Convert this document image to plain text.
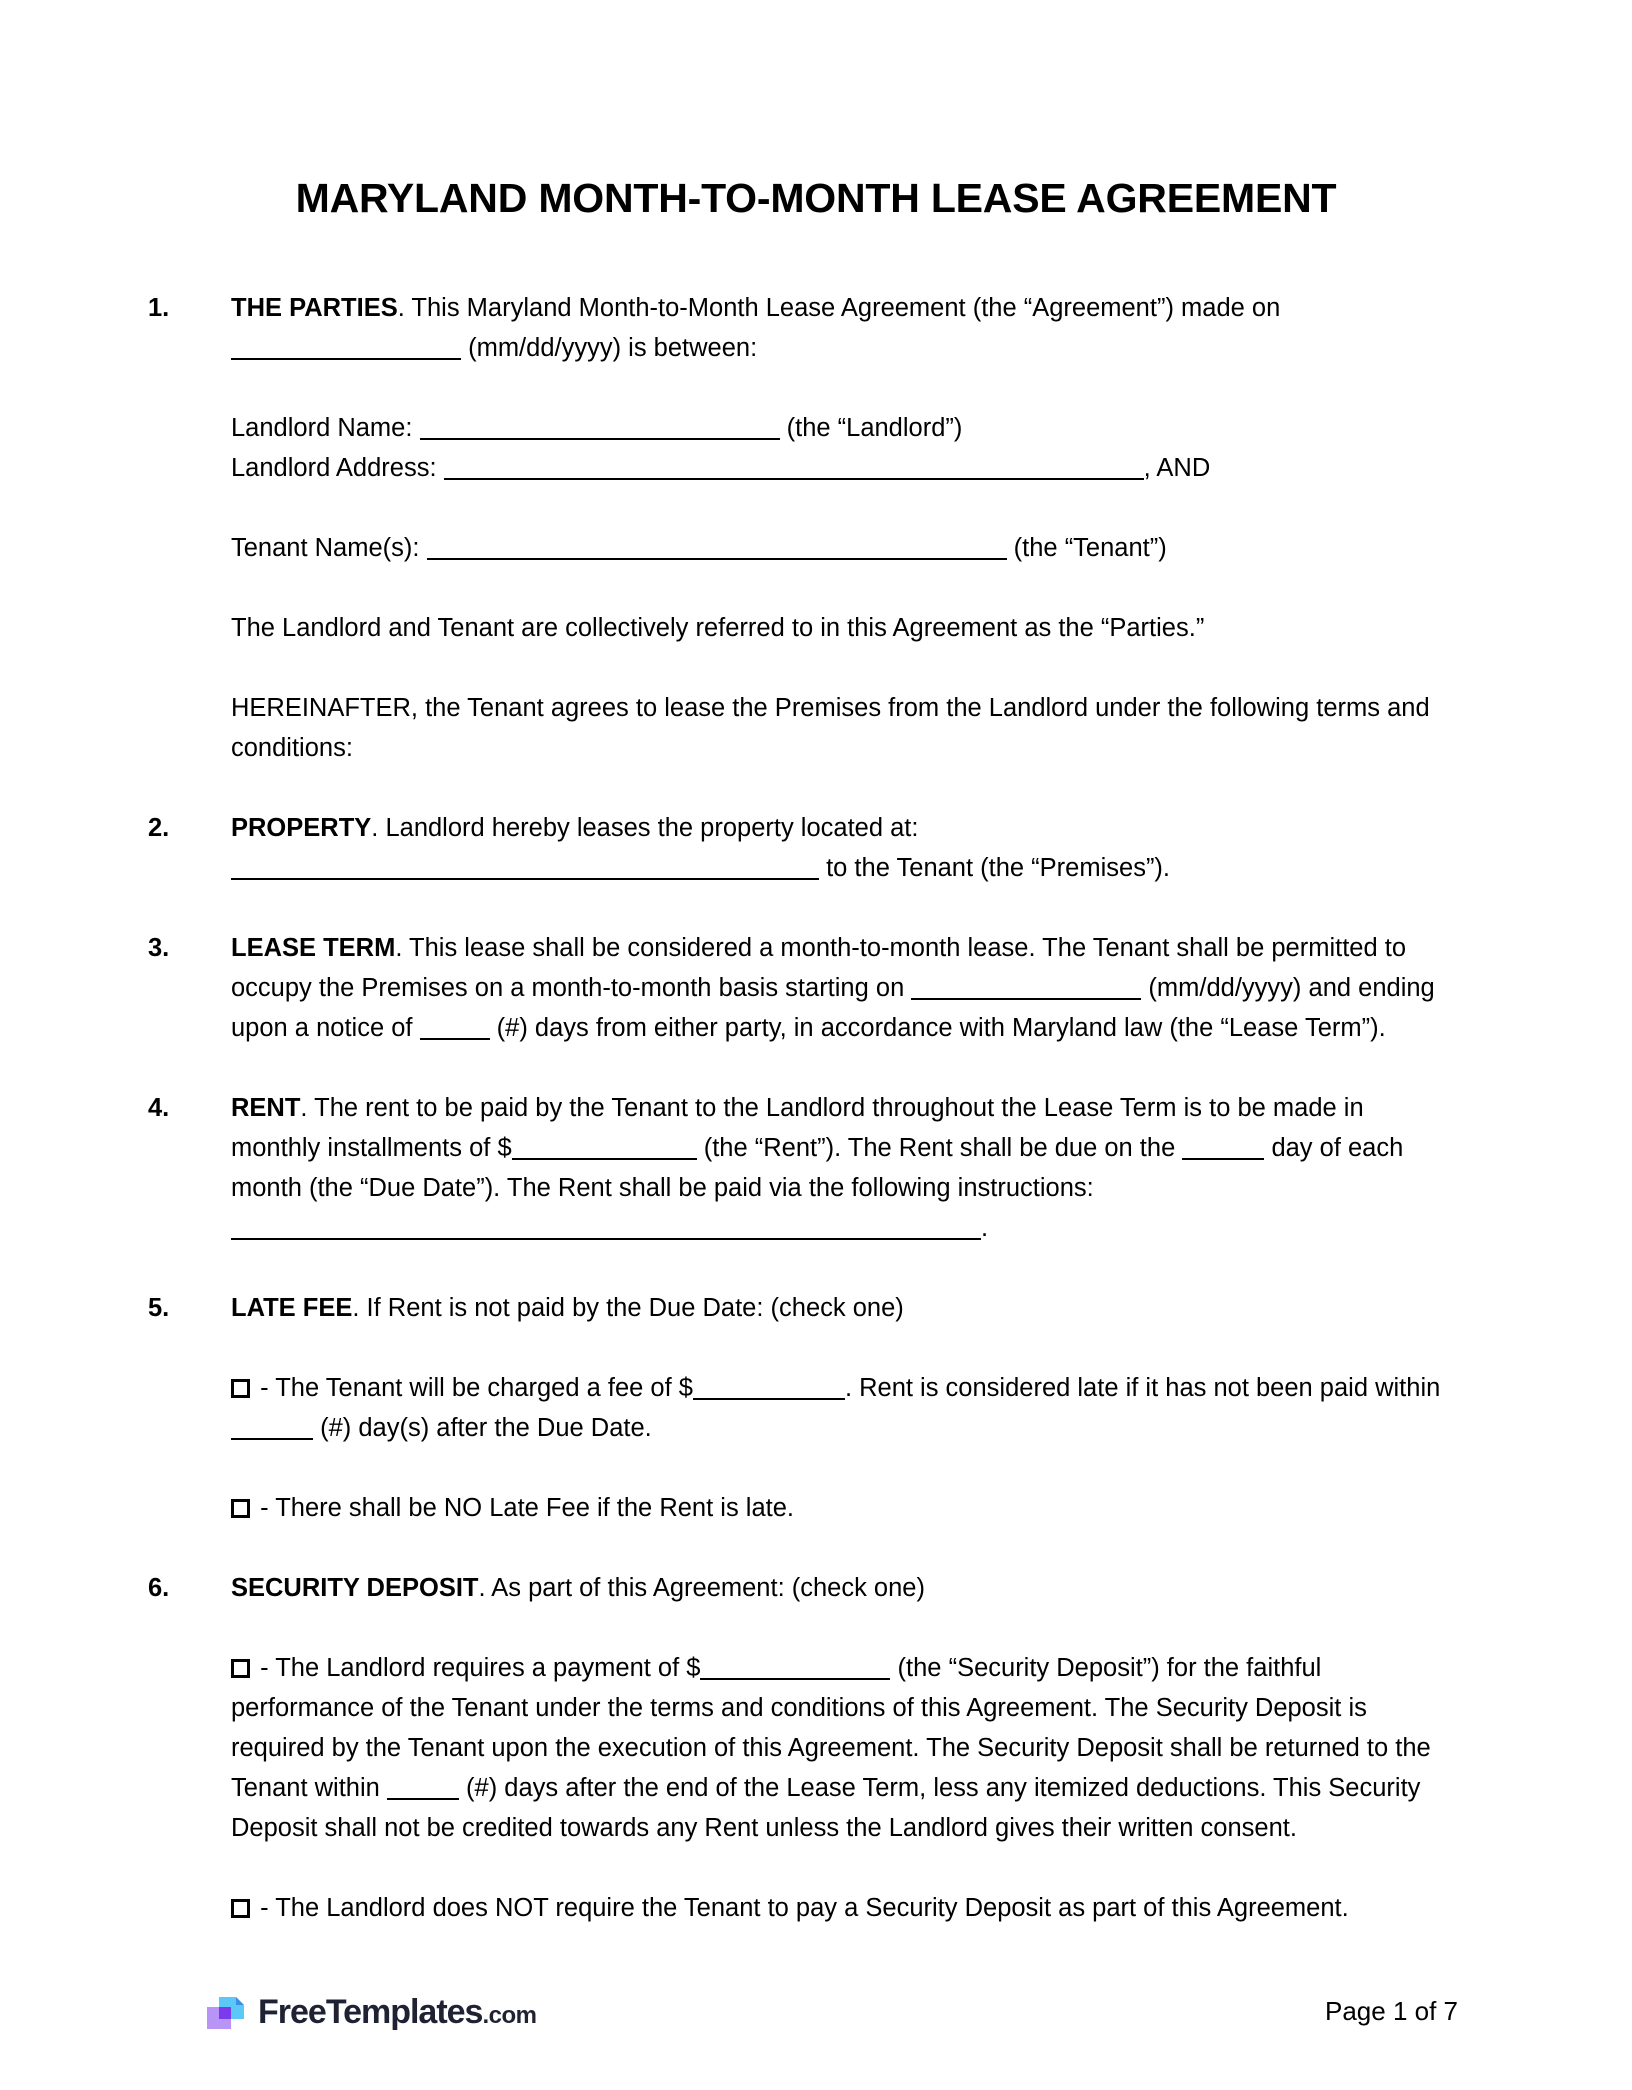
MARYLAND MONTH-TO-MONTH LEASE AGREEMENT
1.	THE PARTIES. This Maryland Month-to-Month Lease Agreement (the “Agreement”) made on  (mm/dd/yyyy) is between:
Landlord Name:	(the “Landlord”)
Landlord Address:	, AND
Tenant Name(s):	(the “Tenant”)
The Landlord and Tenant are collectively referred to in this Agreement as the “Parties.”
HEREINAFTER, the Tenant agrees to lease the Premises from the Landlord under the following terms and conditions:
2.	PROPERTY. Landlord hereby leases the property located at:
to the Tenant (the “Premises”).
3.	LEASE TERM. This lease shall be considered a month-to-month lease. The Tenant shall be permitted to occupy the Premises on a month-to-month basis starting on	(mm/dd/yyyy) and ending upon a notice of	(#) days from either party, in accordance with Maryland law (the “Lease Term”).
4.	RENT. The rent to be paid by the Tenant to the Landlord throughout the Lease Term is to be made in monthly installments of $	(the “Rent”). The Rent shall be due on the	day of each month (the “Due Date”). The Rent shall be paid via the following instructions: .
5.	LATE FEE. If Rent is not paid by the Due Date: (check one)
- The Tenant will be charged a fee of $	. Rent is considered late if it has not been paid within  (#) day(s) after the Due Date.
- There shall be NO Late Fee if the Rent is late.
6.	SECURITY DEPOSIT. As part of this Agreement: (check one)
- The Landlord requires a payment of $	(the “Security Deposit”) for the faithful performance of the Tenant under the terms and conditions of this Agreement. The Security Deposit is required by the Tenant upon the execution of this Agreement. The Security Deposit shall be returned to the Tenant within	(#) days after the end of the Lease Term, less any itemized deductions. This Security Deposit shall not be credited towards any Rent unless the Landlord gives their written consent.
- The Landlord does NOT require the Tenant to pay a Security Deposit as part of this Agreement.
FreeTemplates.com	Page 1 of 7
